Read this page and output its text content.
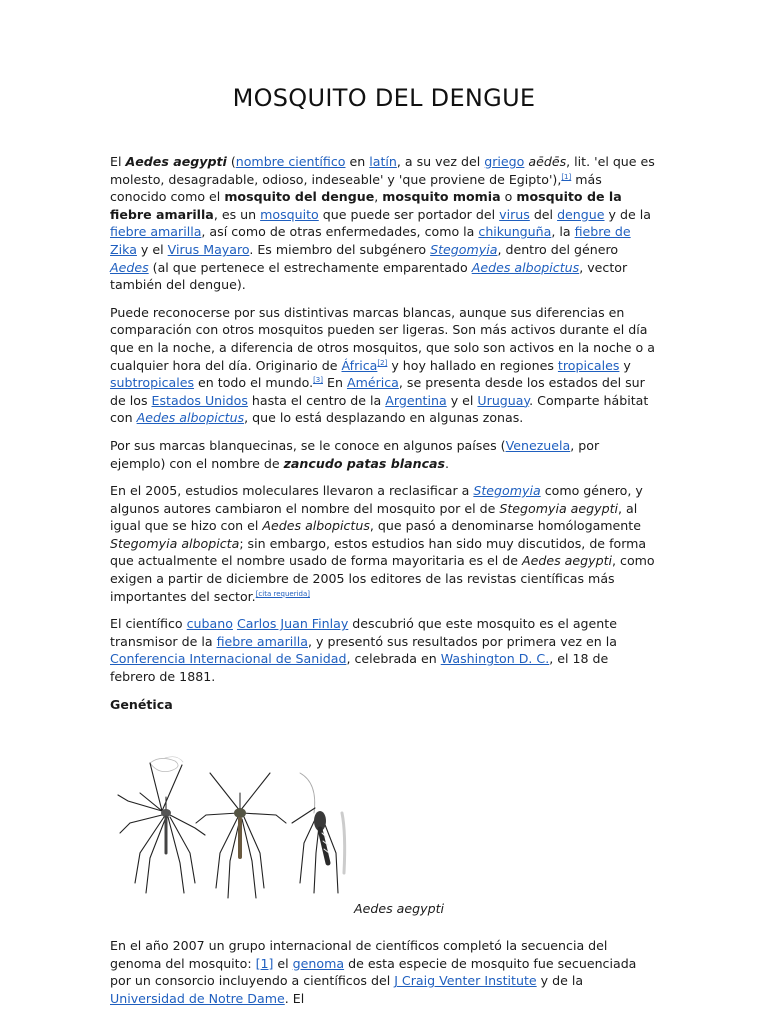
MOSQUITO DEL DENGUE

El Aedes aegypti (nombre científico en latín, a su vez del griego aēdēs, lit. 'el que es molesto, desagradable, odioso, indeseable' y 'que proviene de Egipto'),[1] más conocido como el mosquito del dengue, mosquito momia o mosquito de la fiebre amarilla, es un mosquito que puede ser portador del virus del dengue y de la fiebre amarilla, así como de otras enfermedades, como la chikunguña, la fiebre de Zika y el Virus Mayaro. Es miembro del subgénero Stegomyia, dentro del género Aedes (al que pertenece el estrechamente emparentado Aedes albopictus, vector también del dengue).

Puede reconocerse por sus distintivas marcas blancas, aunque sus diferencias en comparación con otros mosquitos pueden ser ligeras. Son más activos durante el día que en la noche, a diferencia de otros mosquitos, que solo son activos en la noche o a cualquier hora del día. Originario de África[2] y hoy hallado en regiones tropicales y subtropicales en todo el mundo.[3] En América, se presenta desde los estados del sur de los Estados Unidos hasta el centro de la Argentina y el Uruguay. Comparte hábitat con Aedes albopictus, que lo está desplazando en algunas zonas.

Por sus marcas blanquecinas, se le conoce en algunos países (Venezuela, por ejemplo) con el nombre de zancudo patas blancas.

En el 2005, estudios moleculares llevaron a reclasificar a Stegomyia como género, y algunos autores cambiaron el nombre del mosquito por el de Stegomyia aegypti, al igual que se hizo con el Aedes albopictus, que pasó a denominarse homólogamente Stegomyia albopicta; sin embargo, estos estudios han sido muy discutidos, de forma que actualmente el nombre usado de forma mayoritaria es el de Aedes aegypti, como exigen a partir de diciembre de 2005 los editores de las revistas científicas más importantes del sector.[cita requerida]

El científico cubano Carlos Juan Finlay descubrió que este mosquito es el agente transmisor de la fiebre amarilla, y presentó sus resultados por primera vez en la Conferencia Internacional de Sanidad, celebrada en Washington D. C., el 18 de febrero de 1881.

Genética

Aedes aegypti

En el año 2007 un grupo internacional de científicos completó la secuencia del genoma del mosquito: [1] el genoma de esta especie de mosquito fue secuenciada por un consorcio incluyendo a científicos del J Craig Venter Institute y de la Universidad de Notre Dame. El
